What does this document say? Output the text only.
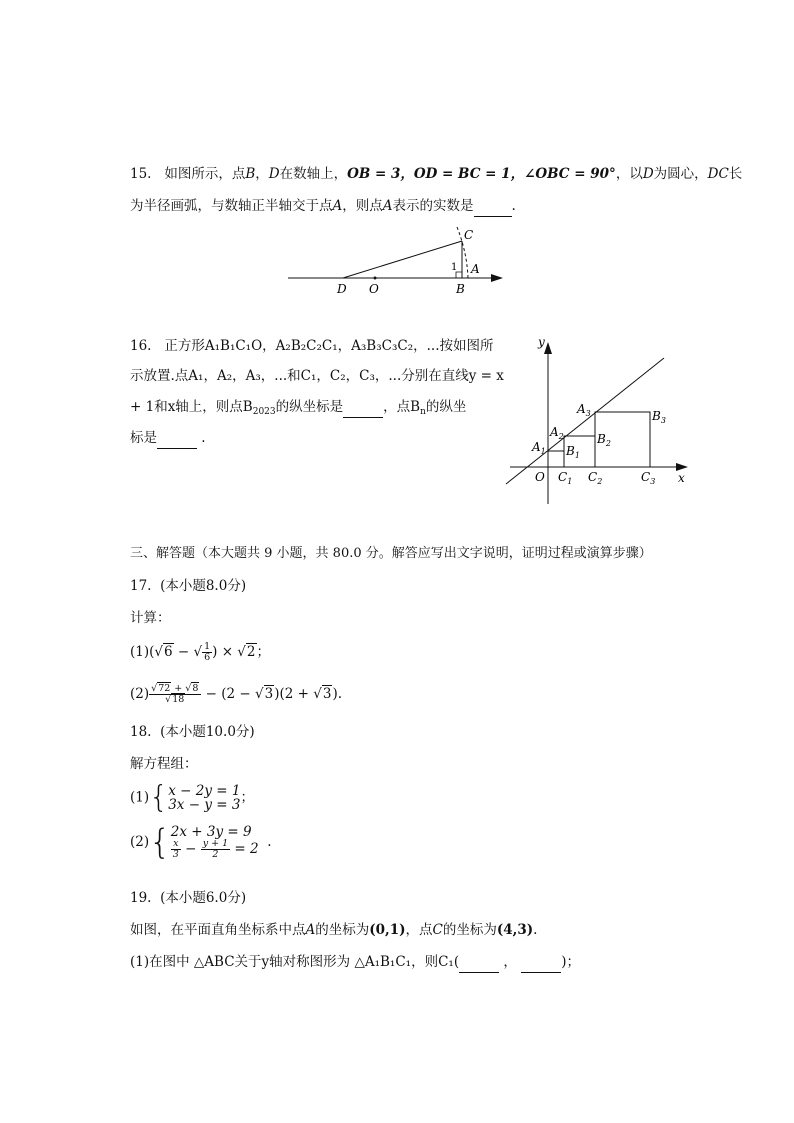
15. 如图所示，点B，D在数轴上，OB = 3，OD = BC = 1，∠OBC = 90°，以D为圆心，DC长
为半径画弧，与数轴正半轴交于点A，则点A表示的实数是	.
C
A
1
D O	B
16. 正方形A₁B₁C₁O，A₂B₂C₂C₁，A₃B₃C₃C₂，...按如图所
示放置.点A₁，A₂，A₃，...和C₁，C₂，C₃，...分别在直线y = x
+ 1和x轴上，则点$B_{2023}$的纵坐标是	，点$B_n$的纵坐
标是	.
y
x
O
$A_1$
$A_2$
$A_3$
$B_1$
$B_2$
$B_3$
$C_1$ $C_2$	$C_3$
三、解答题（本大题共 9 小题，共 80.0 分。解答应写出文字说明，证明过程或演算步骤）
17. (本小题8.0分)
计算：
(1)(√6 − √ $\frac{1}{6}$ ) × √2；
$(2) \frac{√72 + √8}{√18} - (2 - √3)(2 + √3)$.
18. (本小题10.0分)
解方程组：
(1){ x − 2y = 1
3x − y = 3 ；
(2){ 2x + 3y = 9
$\frac{x}{3} - \frac{y + 1}{2} = 2$ .
19. (本小题6.0分)
如图，在平面直角坐标系中点A的坐标为(0,1)，点C的坐标为(4,3).
(1)在图中 △ABC关于y轴对称图形为 △A₁B₁C₁，则C₁(	，	)；
